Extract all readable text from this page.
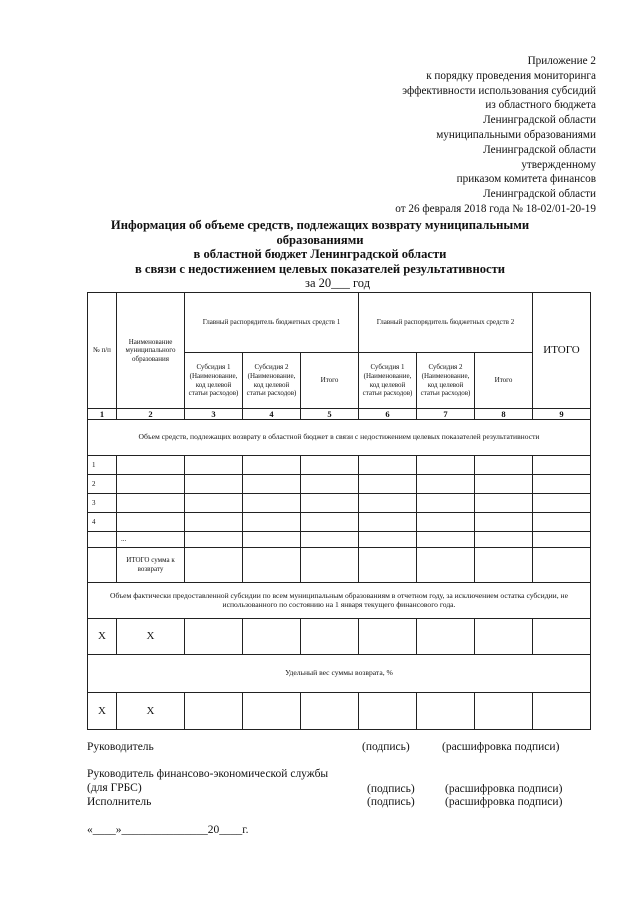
Приложение 2
к порядку проведения мониторинга
эффективности использования субсидий
из областного бюджета
Ленинградской области
муниципальными образованиями
Ленинградской области
утвержденному
приказом комитета финансов
Ленинградской области
от 26 февраля 2018 года № 18-02/01-20-19
Информация об объеме средств, подлежащих возврату муниципальными
образованиями
в областной бюджет Ленинградской области
в связи с недостижением целевых показателей результативности
за 20___ год
№ п/п	Наименование муниципального образования	Главный распорядитель бюджетных средств 1			Главный распорядитель бюджетных средств 2			ИТОГО
		Субсидия 1 (Наименование, код целевой статьи расходов)	Субсидия 2 (Наименование, код целевой статьи расходов)	Итого	Субсидия 1 (Наименование, код целевой статьи расходов)	Субсидия 2 (Наименование, код целевой статьи расходов)	Итого	
1	2	3	4	5	6	7	8	9
Объем средств, подлежащих возврату в областной бюджет в связи с недостижением целевых показателей результативности								
1								
2								
3								
4								
	...							
	ИТОГО сумма к возврату							
Объем фактически предоставленной субсидии по всем муниципальным образованиям в отчетном году, за исключением остатка субсидии, не использованного по состоянию на 1 января текущего финансового года.								
X	X							
Удельный вес суммы возврата, %								
X	X							
Руководитель	(подпись)	(расшифровка подписи)
Руководитель финансово-экономической службы
(для ГРБС)	(подпись)	(расшифровка подписи)
Исполнитель	(подпись)	(расшифровка подписи)
«____»_______________20____г.
